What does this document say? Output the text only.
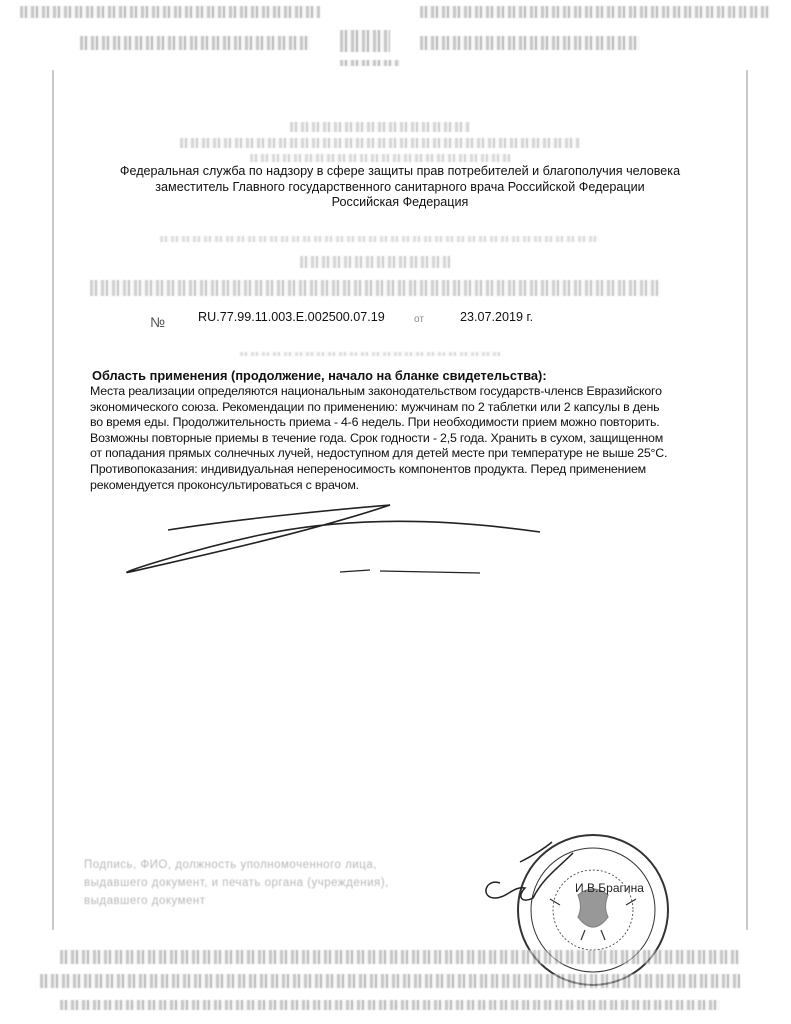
Федеральная служба по надзору в сфере защиты прав потребителей и благополучия человека
заместитель Главного государственного санитарного врача Российской Федерации
Российская Федерация
№	RU.77.99.11.003.Е.002500.07.19	от	23.07.2019 г.
Область применения (продолжение, начало на бланке свидетельства):
Места реализации определяются национальным законодательством государств-членсв Евразийского экономического союза. Рекомендации по применению: мужчинам по 2 таблетки или 2 капсулы в день во время еды. Продолжительность приема - 4-6 недель. При необходимости прием можно повторить. Возможны повторные приемы в течение года. Срок годности - 2,5 года. Хранить в сухом, защищенном от попадания прямых солнечных лучей, недоступном для детей месте при температуре не выше 25°С. Противопоказания: индивидуальная непереносимость компонентов продукта. Перед применением рекомендуется проконсультироваться с врачом.
Подпись, ФИО, должность уполномоченного лица, выдавшего документ, и печать органа (учреждения), выдавшего документ
И.В.Брагина
